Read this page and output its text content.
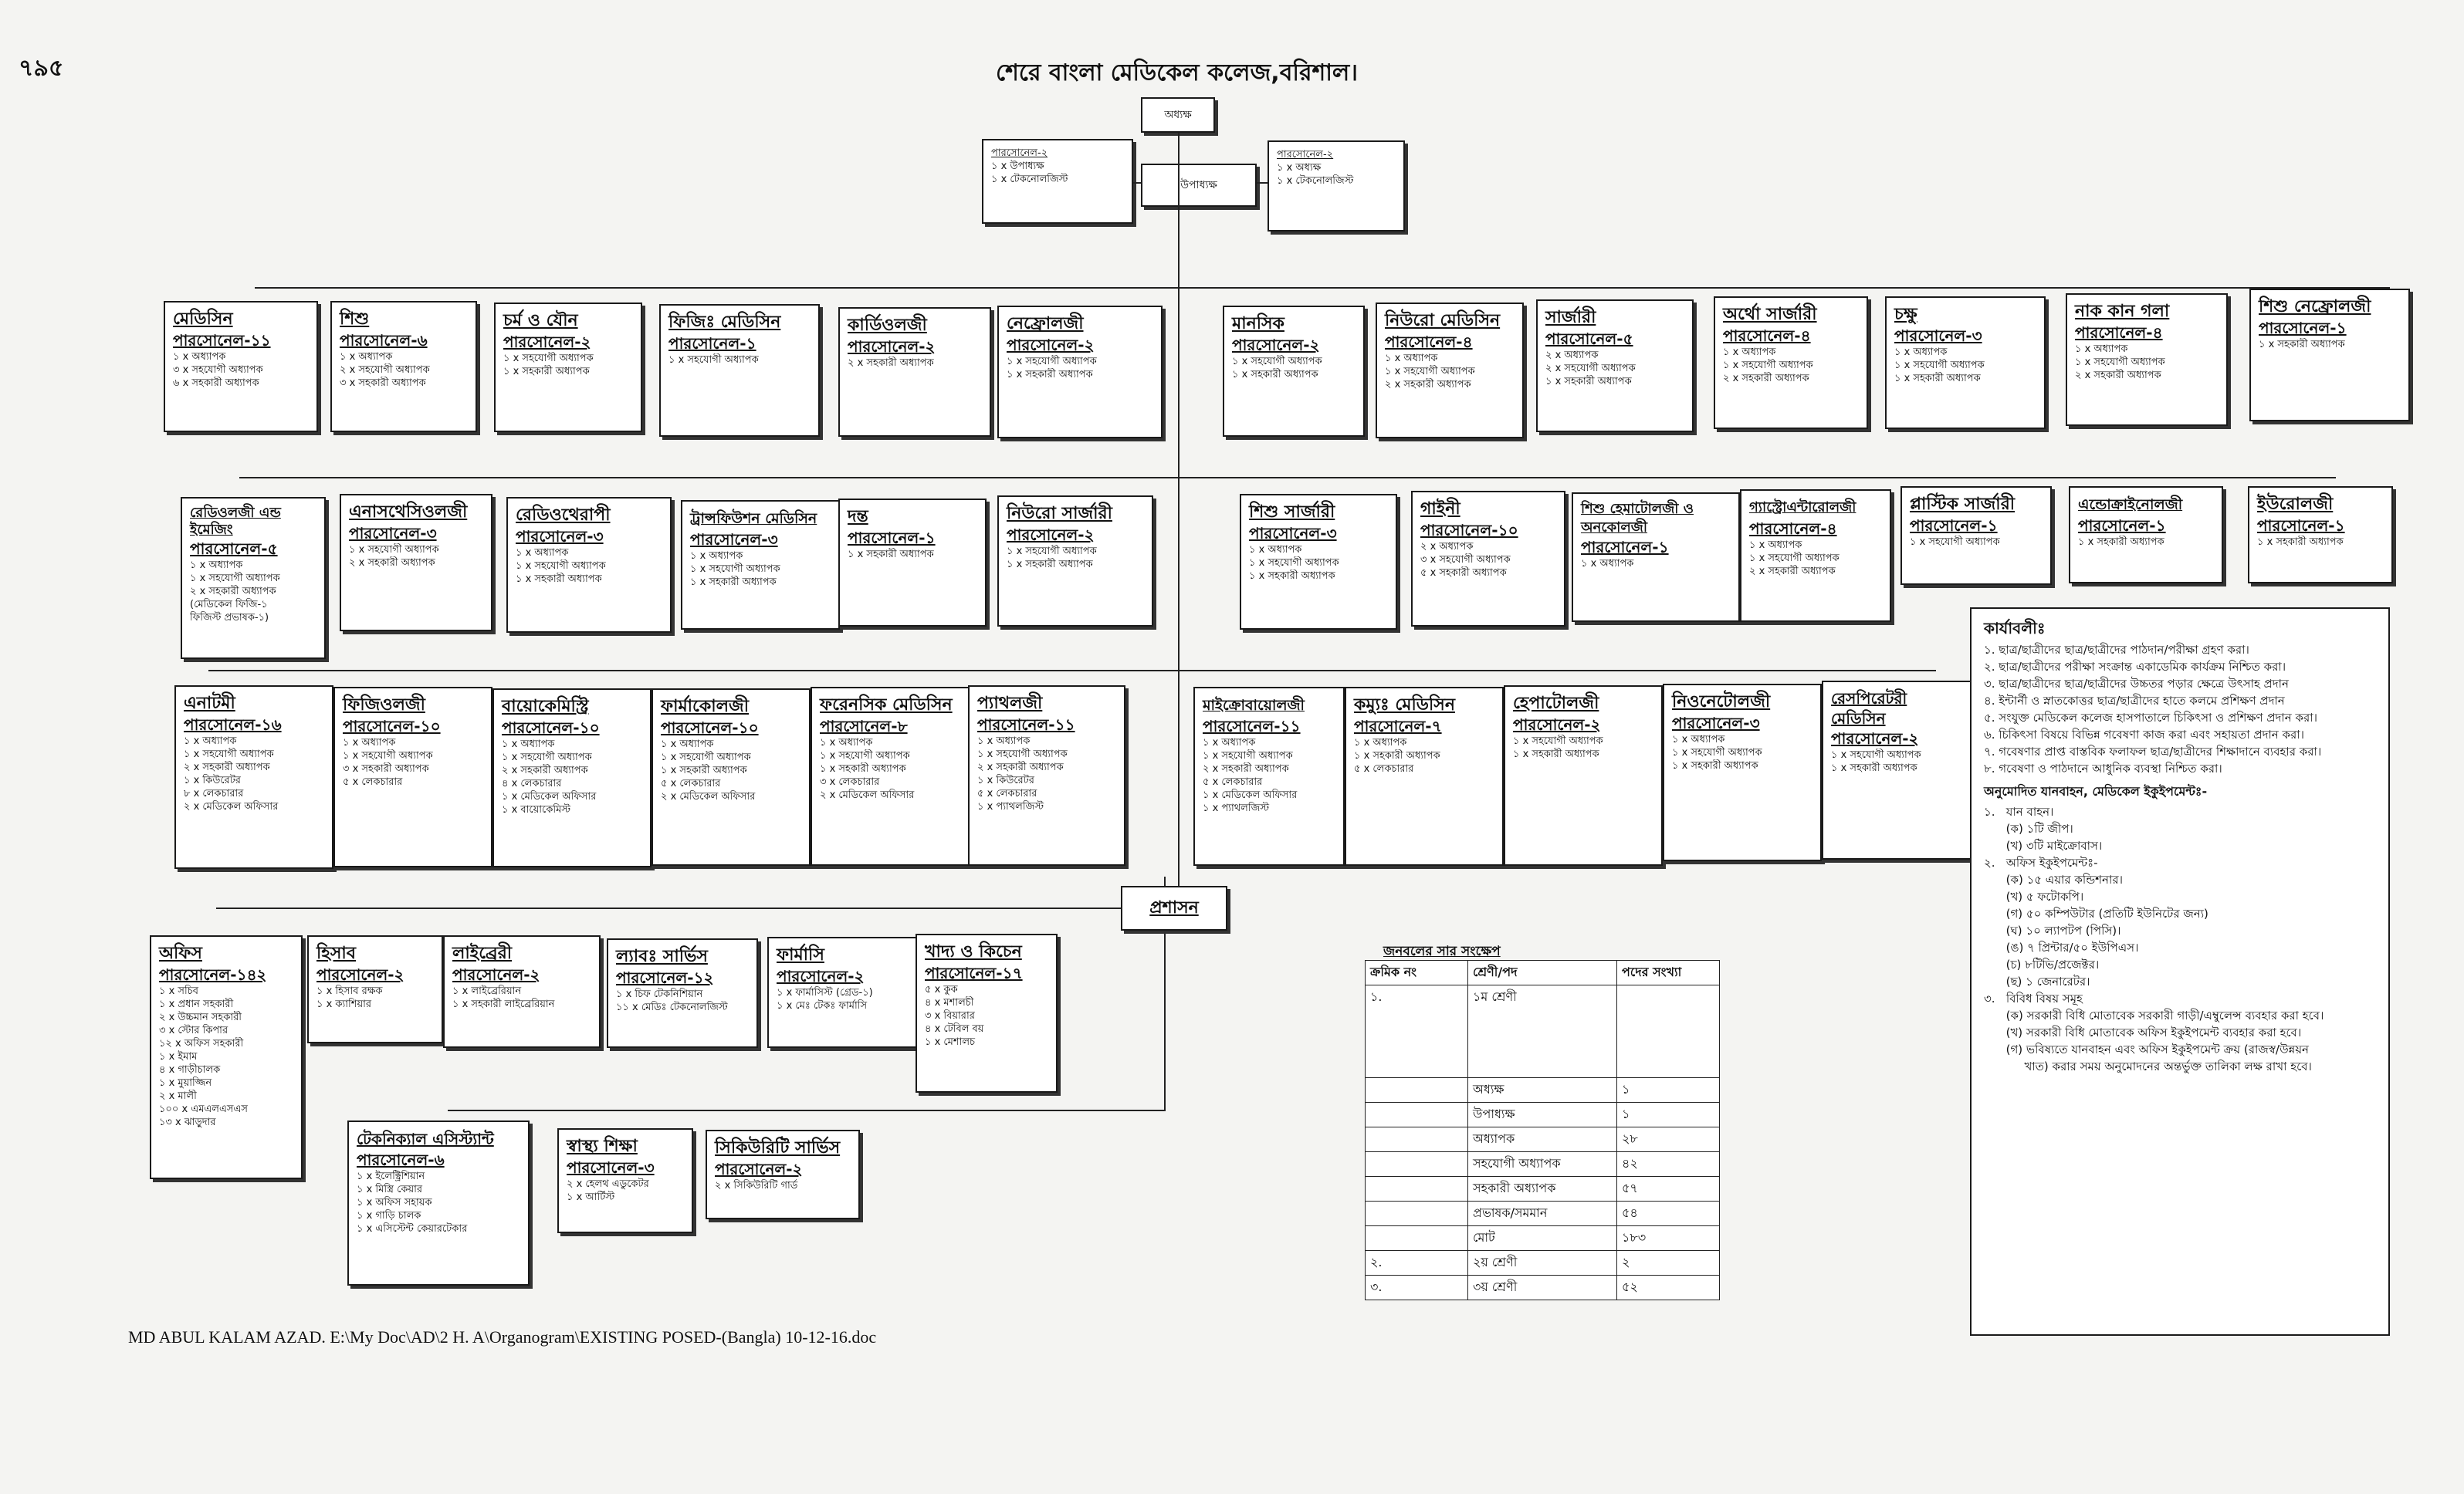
৭৯৫	শেরে বাংলা মেডিকেল কলেজ,বরিশাল।
অধ্যক্ষ
উপাধ্যক্ষ
পারসোনেল-২
১ x উপাধ্যক্ষ
১ x টেকনোলজিস্ট
পারসোনেল-২
১ x অধ্যক্ষ
১ x টেকনোলজিস্ট
মেডিসিন
পারসোনেল-১১
১ x অধ্যাপক
৩ x সহযোগী অধ্যাপক
৬ x সহকারী অধ্যাপক
শিশু
পারসোনেল-৬
১ x অধ্যাপক
২ x সহযোগী অধ্যাপক
৩ x সহকারী অধ্যাপক
চর্ম ও যৌন
পারসোনেল-২
১ x সহযোগী অধ্যাপক
১ x সহকারী অধ্যাপক
ফিজিঃ মেডিসিন
পারসোনেল-১
১ x সহযোগী অধ্যাপক
কার্ডিওলজী
পারসোনেল-২
২ x সহকারী অধ্যাপক
নেফ্রোলজী
পারসোনেল-২
১ x সহযোগী অধ্যাপক
১ x সহকারী অধ্যাপক
মানসিক
পারসোনেল-২
১ x সহযোগী অধ্যাপক
১ x সহকারী অধ্যাপক
নিউরো মেডিসিন
পারসোনেল-৪
১ x অধ্যাপক
১ x সহযোগী অধ্যাপক
২ x সহকারী অধ্যাপক
সার্জারী
পারসোনেল-৫
২ x অধ্যাপক
২ x সহযোগী অধ্যাপক
১ x সহকারী অধ্যাপক
অর্থো সার্জারী
পারসোনেল-৪
১ x অধ্যাপক
১ x সহযোগী অধ্যাপক
২ x সহকারী অধ্যাপক
চক্ষু
পারসোনেল-৩
১ x অধ্যাপক
১ x সহযোগী অধ্যাপক
১ x সহকারী অধ্যাপক
নাক কান গলা
পারসোনেল-৪
১ x অধ্যাপক
১ x সহযোগী অধ্যাপক
২ x সহকারী অধ্যাপক
শিশু নেফ্রোলজী
পারসোনেল-১
১ x সহকারী অধ্যাপক
রেডিওলজী এন্ড ইমেজিং
পারসোনেল-৫
১ x অধ্যাপক
১ x সহযোগী অধ্যাপক
২ x সহকারী অধ্যাপক
(মেডিকেল ফিজি-১
ফিজিস্ট প্রভাষক-১)
এনাসথেসিওলজী
পারসোনেল-৩
১ x সহযোগী অধ্যাপক
২ x সহকারী অধ্যাপক
রেডিওথেরাপী
পারসোনেল-৩
১ x অধ্যাপক
১ x সহযোগী অধ্যাপক
১ x সহকারী অধ্যাপক
ট্রান্সফিউশন মেডিসিন
পারসোনেল-৩
১ x অধ্যাপক
১ x সহযোগী অধ্যাপক
১ x সহকারী অধ্যাপক
দন্ত
পারসোনেল-১
১ x সহকারী অধ্যাপক
নিউরো সার্জারী
পারসোনেল-২
১ x সহযোগী অধ্যাপক
১ x সহকারী অধ্যাপক
শিশু সার্জারী
পারসোনেল-৩
১ x অধ্যাপক
১ x সহযোগী অধ্যাপক
১ x সহকারী অধ্যাপক
গাইনী
পারসোনেল-১০
২ x অধ্যাপক
৩ x সহযোগী অধ্যাপক
৫ x সহকারী অধ্যাপক
শিশু হেমাটোলজী ও অনকোলজী
পারসোনেল-১
১ x অধ্যাপক
গ্যাস্ট্রোএন্টারোলজী
পারসোনেল-৪
১ x অধ্যাপক
১ x সহযোগী অধ্যাপক
২ x সহকারী অধ্যাপক
প্লাস্টিক সার্জারী
পারসোনেল-১
১ x সহযোগী অধ্যাপক
এন্ডোক্রাইনোলজী
পারসোনেল-১
১ x সহকারী অধ্যাপক
ইউরোলজী
পারসোনেল-১
১ x সহকারী অধ্যাপক
এনাটমী
পারসোনেল-১৬
১ x অধ্যাপক
১ x সহযোগী অধ্যাপক
২ x সহকারী অধ্যাপক
১ x কিউরেটর
৮ x লেকচারার
২ x মেডিকেল অফিসার
ফিজিওলজী
পারসোনেল-১০
১ x অধ্যাপক
১ x সহযোগী অধ্যাপক
৩ x সহকারী অধ্যাপক
৫ x লেকচারার
বায়োকেমিস্ট্রি
পারসোনেল-১০
১ x অধ্যাপক
১ x সহযোগী অধ্যাপক
২ x সহকারী অধ্যাপক
৪ x লেকচারার
১ x মেডিকেল অফিসার
১ x বায়োকেমিস্ট
ফার্মাকোলজী
পারসোনেল-১০
১ x অধ্যাপক
১ x সহযোগী অধ্যাপক
১ x সহকারী অধ্যাপক
৫ x লেকচারার
২ x মেডিকেল অফিসার
ফরেনসিক মেডিসিন
পারসোনেল-৮
১ x অধ্যাপক
১ x সহযোগী অধ্যাপক
১ x সহকারী অধ্যাপক
৩ x লেকচারার
২ x মেডিকেল অফিসার
প্যাথলজী
পারসোনেল-১১
১ x অধ্যাপক
১ x সহযোগী অধ্যাপক
২ x সহকারী অধ্যাপক
১ x কিউরেটর
৫ x লেকচারার
১ x প্যাথলজিস্ট
মাইক্রোবায়োলজী
পারসোনেল-১১
১ x অধ্যাপক
১ x সহযোগী অধ্যাপক
২ x সহকারী অধ্যাপক
৫ x লেকচারার
১ x মেডিকেল অফিসার
১ x প্যাথলজিস্ট
কম্যুঃ মেডিসিন
পারসোনেল-৭
১ x অধ্যাপক
১ x সহকারী অধ্যাপক
৫ x লেকচারার
হেপাটোলজী
পারসোনেল-২
১ x সহযোগী অধ্যাপক
১ x সহকারী অধ্যাপক
নিওনেটোলজী
পারসোনেল-৩
১ x অধ্যাপক
১ x সহযোগী অধ্যাপক
১ x সহকারী অধ্যাপক
রেসপিরেটরী মেডিসিন
পারসোনেল-২
১ x সহযোগী অধ্যাপক
১ x সহকারী অধ্যাপক
প্রশাসন
অফিস
পারসোনেল-১৪২
১ x সচিব
১ x প্রধান সহকারী
২ x উচ্চমান সহকারী
৩ x স্টোর কিপার
১২ x অফিস সহকারী
১ x ইমাম
৪ x গাড়ীচালক
১ x মুয়াজ্জিন
২ x মালী
১০০ x এমএলএসএস
১৩ x ঝাড়ুদার
হিসাব
পারসোনেল-২
১ x হিসাব রক্ষক
১ x ক্যাশিয়ার
লাইব্রেরী
পারসোনেল-২
১ x লাইব্রেরিয়ান
১ x সহকারী লাইব্রেরিয়ান
ল্যাবঃ সার্ভিস
পারসোনেল-১২
১ x চিফ টেকনিশিয়ান
১১ x মেডিঃ টেকনোলজিস্ট
ফার্মাসি
পারসোনেল-২
১ x ফার্মাসিস্ট (গ্রেড-১)
১ x মেঃ টেকঃ ফার্মাসি
খাদ্য ও কিচেন
পারসোনেল-১৭
৫ x কুক
৪ x মশালচী
৩ x বিয়ারার
৪ x টেবিল বয়
১ x মেশালচ
টেকনিক্যাল এসিস্ট্যান্ট
পারসোনেল-৬
১ x ইলেক্ট্রিশিয়ান
১ x মিস্ত্রি কেয়ার
১ x অফিস সহায়ক
১ x গাড়ি চালক
১ x এসিস্টেন্ট কেয়ারটেকার
স্বাস্থ্য শিক্ষা
পারসোনেল-৩
২ x হেলথ এডুকেটর
১ x আর্টিস্ট
সিকিউরিটি সার্ভিস
পারসোনেল-২
২ x সিকিউরিটি গার্ড
জনবলের সার সংক্ষেপ
ক্রমিক নং	শ্রেণী/পদ	পদের সংখ্যা
১.	১ম শ্রেণী	
	অধ্যক্ষ	১
	উপাধ্যক্ষ	১
	অধ্যাপক	২৮
	সহযোগী অধ্যাপক	৪২
	সহকারী অধ্যাপক	৫৭
	প্রভাষক/সমমান	৫৪
	মোট	১৮৩
২.	২য় শ্রেণী	২
৩.	৩য় শ্রেণী	৫২
কার্যাবলীঃ
১. ছাত্র/ছাত্রীদের ছাত্র/ছাত্রীদের পাঠদান/পরীক্ষা গ্রহণ করা।
২. ছাত্র/ছাত্রীদের পরীক্ষা সংক্রান্ত একাডেমিক কার্যক্রম নিশ্চিত করা।
৩. ছাত্র/ছাত্রীদের ছাত্র/ছাত্রীদের উচ্চতর পড়ার ক্ষেত্রে উৎসাহ প্রদান
৪. ইন্টার্নী ও স্নাতকোত্তর ছাত্র/ছাত্রীদের হাতে কলমে প্রশিক্ষণ প্রদান
৫. সংযুক্ত মেডিকেল কলেজ হাসপাতালে চিকিৎসা ও প্রশিক্ষণ প্রদান করা।
৬. চিকিৎসা বিষয়ে বিভিন্ন গবেষণা কাজ করা এবং সহায়তা প্রদান করা।
৭. গবেষণার প্রাপ্ত বাস্তবিক ফলাফল ছাত্র/ছাত্রীদের শিক্ষাদানে ব্যবহার করা।
৮. গবেষণা ও পাঠদানে আধুনিক ব্যবস্থা নিশ্চিত করা।
অনুমোদিত যানবাহন, মেডিকেল ইকুইপমেন্টঃ-
১.   যান বাহন।
(ক) ১টি জীপ।
(খ) ৩টি মাইক্রোবাস।
২.   অফিস ইকুইপমেন্টঃ-
(ক) ১৫ এয়ার কন্ডিশনার।
(খ) ৫ ফটোকপি।
(গ) ৫০ কম্পিউটার (প্রতিটি ইউনিটের জন্য)
(ঘ) ১০ ল্যাপটপ (পিসি)।
(ঙ) ৭ প্রিন্টার/৫০ ইউপিএস।
(চ) ৮টিভি/প্রজেক্টর।
(ছ) ১ জেনারেটর।
৩.   বিবিধ বিষয় সমূহ
(ক) সরকারী বিধি মোতাবেক সরকারী গাড়ী/এম্বুলেন্স ব্যবহার করা হবে।
(খ) সরকারী বিধি মোতাবেক অফিস ইকুইপমেন্ট ব্যবহার করা হবে।
(গ) ভবিষ্যতে যানবাহন এবং অফিস ইকুইপমেন্ট ক্রয় (রাজস্ব/উন্নয়ন
খাত) করার সময় অনুমোদনের অন্তর্ভুক্ত তালিকা লক্ষ রাখা হবে।
MD ABUL KALAM AZAD. E:\My Doc\AD\2 H. A\Organogram\EXISTING POSED-(Bangla) 10-12-16.doc
